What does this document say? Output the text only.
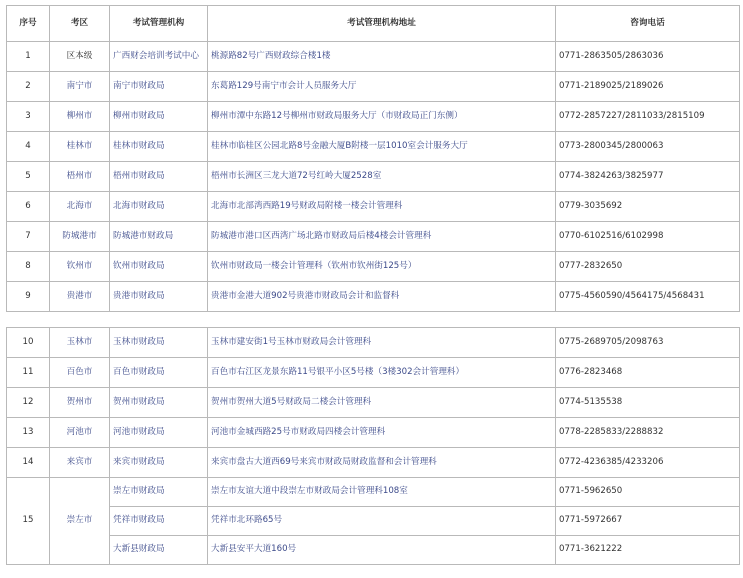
序号	考区	考试管理机构	考试管理机构地址	咨询电话
1	区本级	广西财会培训考试中心	桃源路82号广西财政综合楼1楼	0771-2863505/2863036
2	南宁市	南宁市财政局	东葛路129号南宁市会计人员服务大厅	0771-2189025/2189026
3	柳州市	柳州市财政局	柳州市潭中东路12号柳州市财政局服务大厅（市财政局正门东侧）	0772-2857227/2811033/2815109
4	桂林市	桂林市财政局	桂林市临桂区公园北路8号金融大厦B附楼一层1010室会计服务大厅	0773-2800345/2800063
5	梧州市	梧州市财政局	梧州市长洲区三龙大道72号红岭大厦2528室	0774-3824263/3825977
6	北海市	北海市财政局	北海市北部湾西路19号财政局附楼一楼会计管理科	0779-3035692
7	防城港市	防城港市财政局	防城港市港口区西湾广场北路市财政局后楼4楼会计管理科	0770-6102516/6102998
8	钦州市	钦州市财政局	钦州市财政局一楼会计管理科（钦州市钦州街125号）	0777-2832650
9	贵港市	贵港市财政局	贵港市金港大道902号贵港市财政局会计和监督科	0775-4560590/4564175/4568431
10	玉林市	玉林市财政局	玉林市建安街1号玉林市财政局会计管理科	0775-2689705/2098763
11	百色市	百色市财政局	百色市右江区龙景东路11号银平小区5号楼（3楼302会计管理科）	0776-2823468
12	贺州市	贺州市财政局	贺州市贺州大道5号财政局二楼会计管理科	0774-5135538
13	河池市	河池市财政局	河池市金城西路25号市财政局四楼会计管理科	0778-2285833/2288832
14	来宾市	来宾市财政局	来宾市盘古大道西69号来宾市财政局财政监督和会计管理科	0772-4236385/4233206
15	崇左市	崇左市财政局	崇左市友谊大道中段崇左市财政局会计管理科108室	0771-5962650
		凭祥市财政局	凭祥市北环路65号	0771-5972667
		大新县财政局	大新县安平大道160号	0771-3621222
